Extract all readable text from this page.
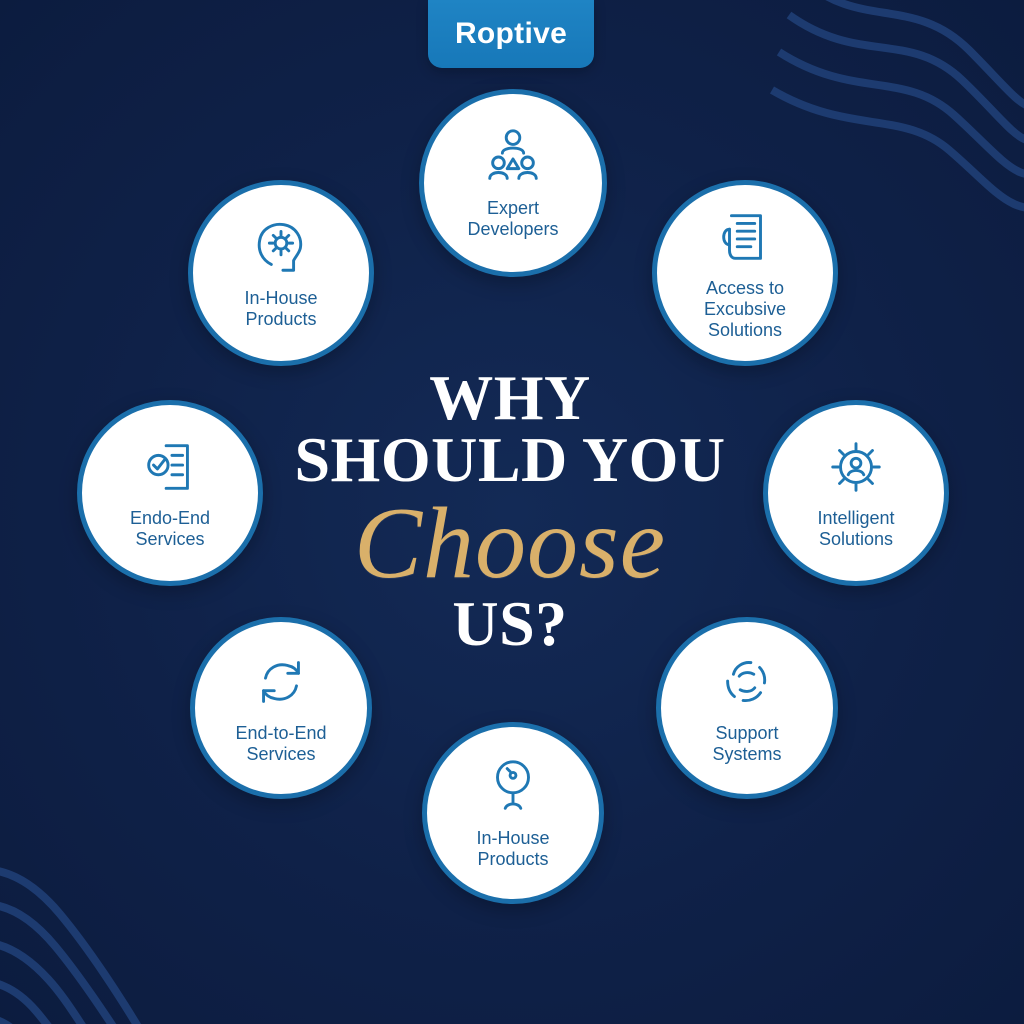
Roptive
WHY
SHOULD YOU
Choose
US?
Expert Developers
In-House Products
Access to Excubsive Solutions
Endo-End Services
Intelligent Solutions
End-to-End Services
Support Systems
In-House Products
